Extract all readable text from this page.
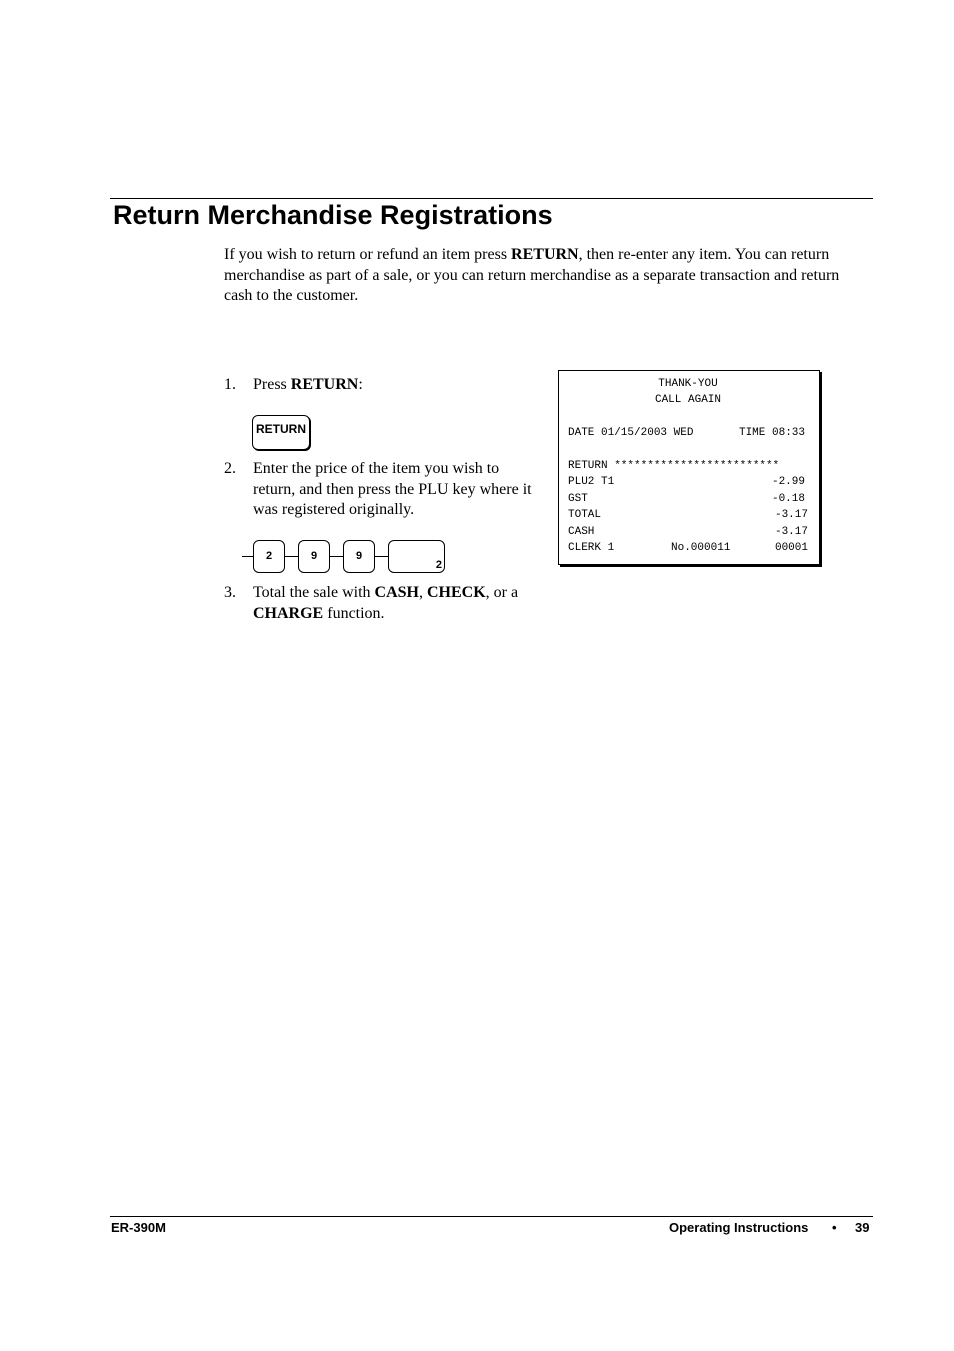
Return Merchandise Registrations

If you wish to return or refund an item press RETURN, then re-enter any item. You can return merchandise as part of a sale, or you can return merchandise as a separate transaction and return cash to the customer.

1. Press RETURN:
RETURN
2. Enter the price of the item you wish to return, and then press the PLU key where it was registered originally.
2	9	9
2
3. Total the sale with CASH, CHECK, or a CHARGE function.
THANK-YOU
CALL AGAIN
DATE 01/15/2003 WED	TIME 08:33
RETURN *************************
PLU2 T1	-2.99
GST	-0.18
TOTAL	-3.17
CASH	-3.17
CLERK 1	No.000011	00001
ER-390M	Operating Instructions • 39
